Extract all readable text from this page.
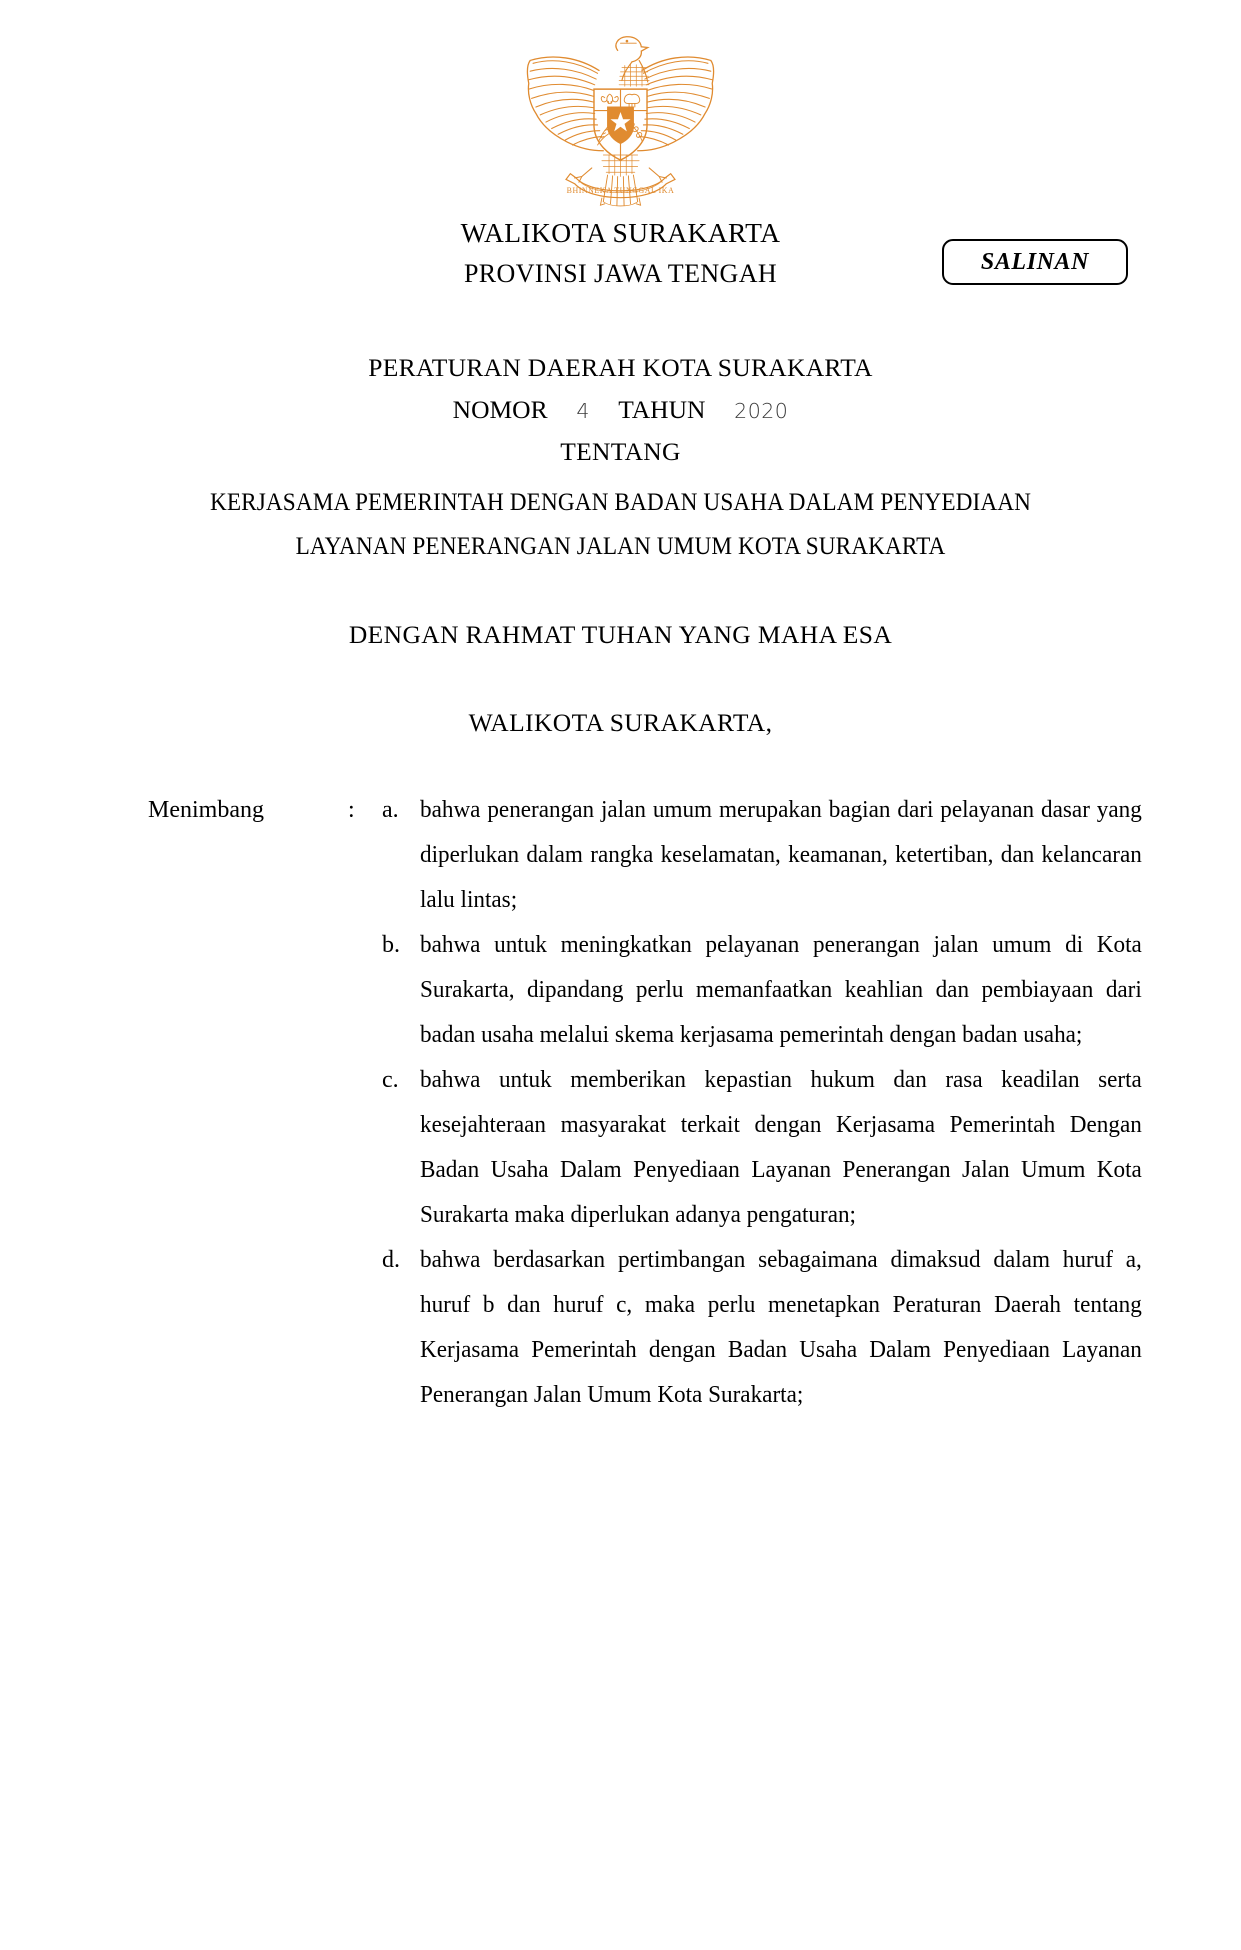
BHINNEKA TUNGGAL IKA
WALIKOTA SURAKARTA
PROVINSI JAWA TENGAH	SALINAN
PERATURAN DAERAH KOTA SURAKARTA
NOMOR 4 TAHUN 2020
TENTANG
KERJASAMA PEMERINTAH DENGAN BADAN USAHA DALAM PENYEDIAAN
LAYANAN PENERANGAN JALAN UMUM KOTA SURAKARTA
DENGAN RAHMAT TUHAN YANG MAHA ESA
WALIKOTA SURAKARTA,
Menimbang	:	a. bahwa penerangan jalan umum merupakan bagian dari pelayanan dasar yang diperlukan dalam rangka keselamatan, keamanan, ketertiban, dan kelancaran lalu lintas;
b. bahwa untuk meningkatkan pelayanan penerangan jalan umum di Kota Surakarta, dipandang perlu memanfaatkan keahlian dan pembiayaan dari badan usaha melalui skema kerjasama pemerintah dengan badan usaha;
c. bahwa untuk memberikan kepastian hukum dan rasa keadilan serta kesejahteraan masyarakat terkait dengan Kerjasama Pemerintah Dengan Badan Usaha Dalam Penyediaan Layanan Penerangan Jalan Umum Kota Surakarta maka diperlukan adanya pengaturan;
d. bahwa berdasarkan pertimbangan sebagaimana dimaksud dalam huruf a, huruf b dan huruf c, maka perlu menetapkan Peraturan Daerah tentang Kerjasama Pemerintah dengan Badan Usaha Dalam Penyediaan Layanan Penerangan Jalan Umum Kota Surakarta;
